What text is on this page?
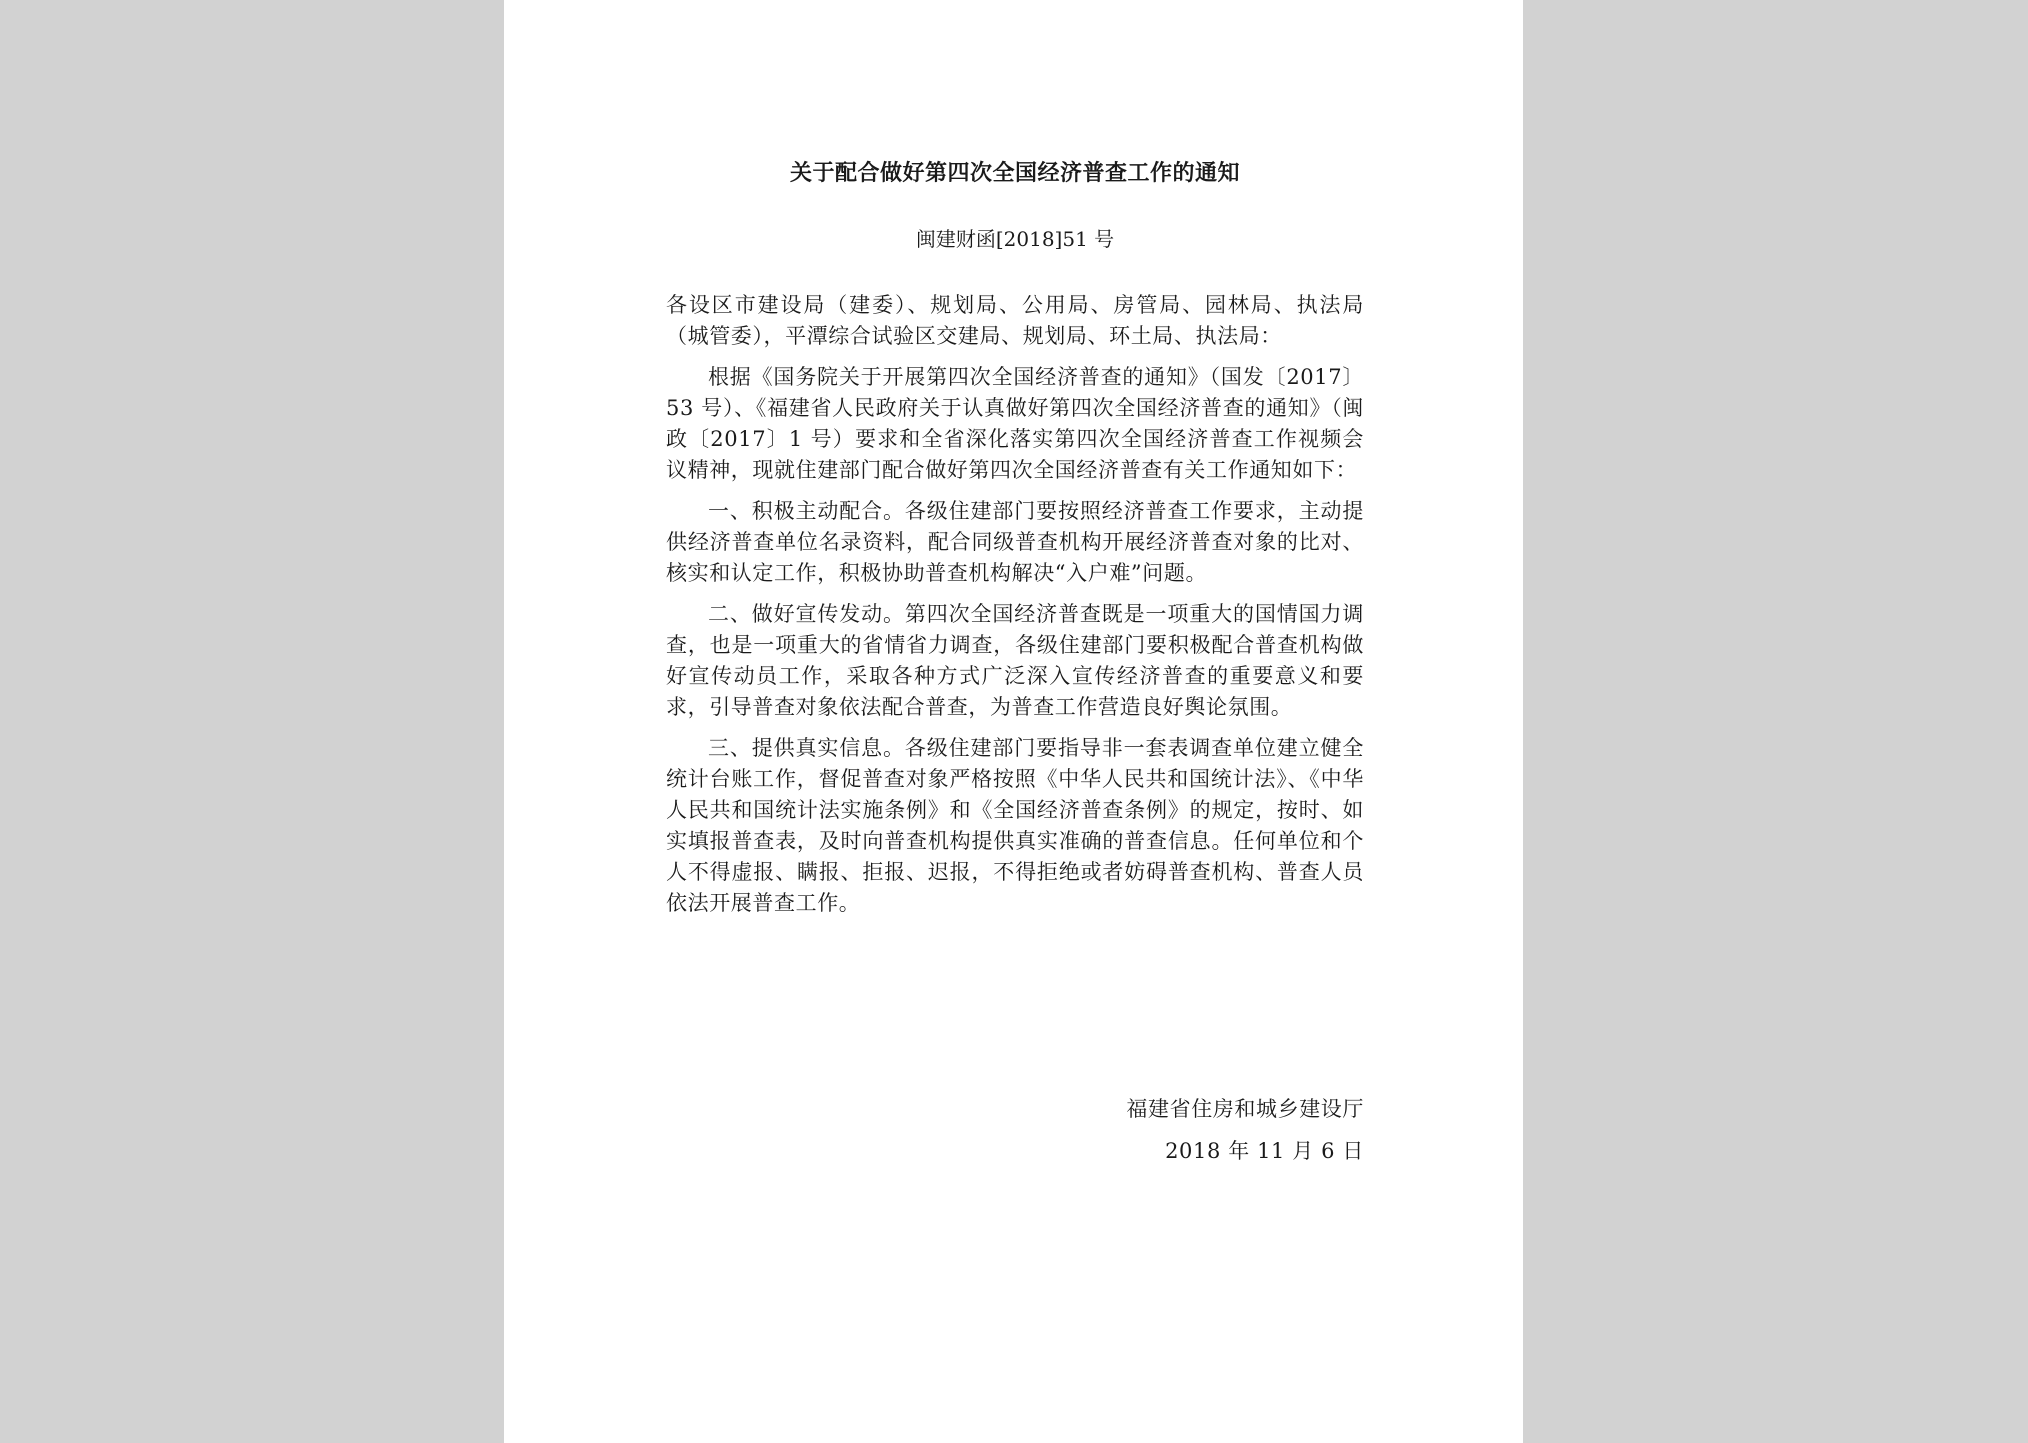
关于配合做好第四次全国经济普查工作的通知
闽建财函[2018]51 号

各设区市建设局（建委）、规划局、公用局、房管局、园林局、执法局（城管委），平潭综合试验区交建局、规划局、环土局、执法局：

根据《国务院关于开展第四次全国经济普查的通知》（国发〔2017〕53 号）、《福建省人民政府关于认真做好第四次全国经济普查的通知》（闽政〔2017〕1 号）要求和全省深化落实第四次全国经济普查工作视频会议精神，现就住建部门配合做好第四次全国经济普查有关工作通知如下：

一、积极主动配合。各级住建部门要按照经济普查工作要求，主动提供经济普查单位名录资料，配合同级普查机构开展经济普查对象的比对、核实和认定工作，积极协助普查机构解决“入户难”问题。

二、做好宣传发动。第四次全国经济普查既是一项重大的国情国力调查，也是一项重大的省情省力调查，各级住建部门要积极配合普查机构做好宣传动员工作，采取各种方式广泛深入宣传经济普查的重要意义和要求，引导普查对象依法配合普查，为普查工作营造良好舆论氛围。

三、提供真实信息。各级住建部门要指导非一套表调查单位建立健全统计台账工作，督促普查对象严格按照《中华人民共和国统计法》、《中华人民共和国统计法实施条例》和《全国经济普查条例》的规定，按时、如实填报普查表，及时向普查机构提供真实准确的普查信息。任何单位和个人不得虚报、瞒报、拒报、迟报，不得拒绝或者妨碍普查机构、普查人员依法开展普查工作。

福建省住房和城乡建设厅
2018 年 11 月 6 日
